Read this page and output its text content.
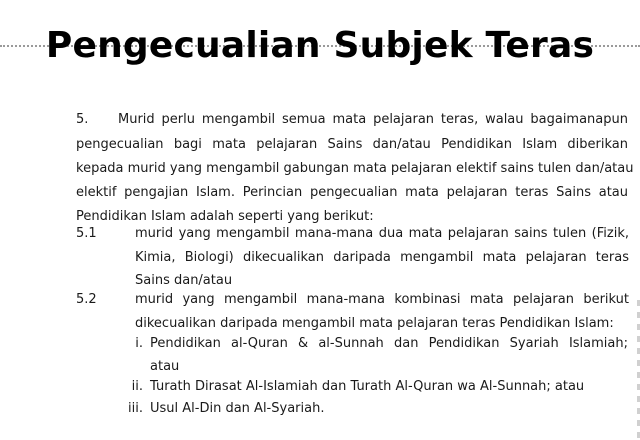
Pengecualian Subjek Teras
5. Murid perlu mengambil semua mata pelajaran teras, walau bagaimanapun
pengecualian bagi mata pelajaran Sains dan/atau Pendidikan Islam diberikan
kepada murid yang mengambil gabungan mata pelajaran elektif sains tulen dan/atau
elektif pengajian Islam. Perincian pengecualian mata pelajaran teras Sains atau
Pendidikan Islam adalah seperti yang berikut:
5.1	murid yang mengambil mana-mana dua mata pelajaran sains tulen (Fizik,
Kimia, Biologi) dikecualikan daripada mengambil mata pelajaran teras
Sains dan/atau
5.2	murid yang mengambil mana-mana kombinasi mata pelajaran berikut
dikecualikan daripada mengambil mata pelajaran teras Pendidikan Islam:
i. Pendidikan al-Quran & al-Sunnah dan Pendidikan Syariah Islamiah;
atau
ii. Turath Dirasat Al-Islamiah dan Turath Al-Quran wa Al-Sunnah; atau
iii. Usul Al-Din dan Al-Syariah.
